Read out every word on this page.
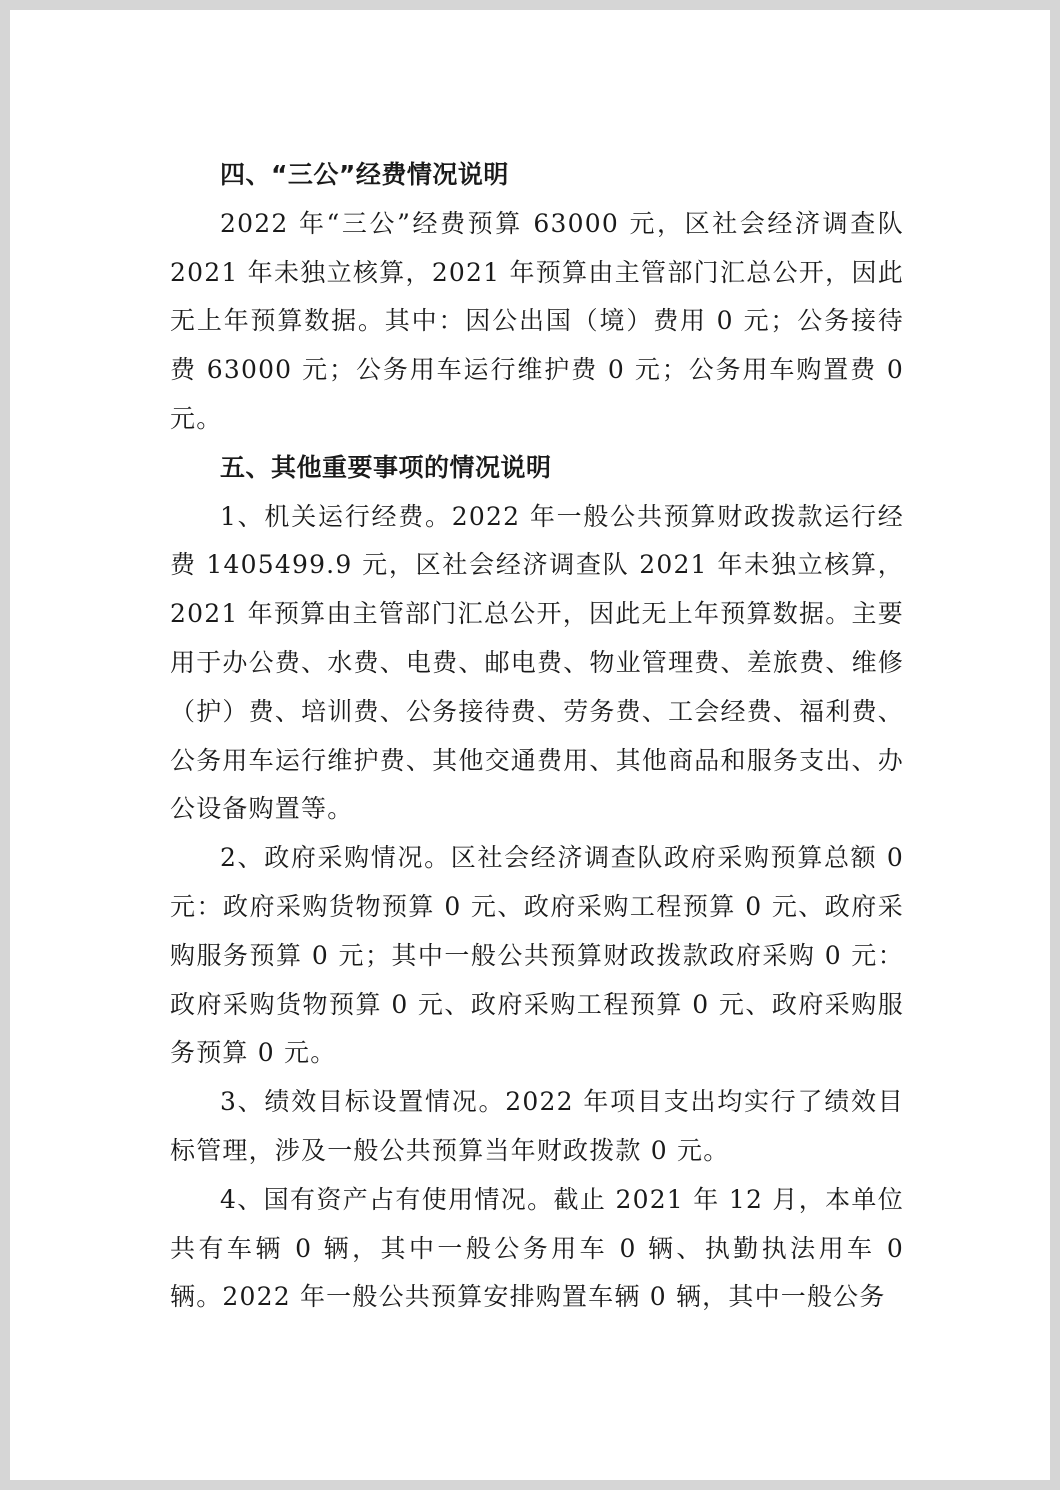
四、“三公”经费情况说明

2022 年“三公”经费预算 63000 元，区社会经济调查队 2021 年未独立核算，2021 年预算由主管部门汇总公开，因此无上年预算数据。其中：因公出国（境）费用 0 元；公务接待费 63000 元；公务用车运行维护费 0 元；公务用车购置费 0 元。

五、其他重要事项的情况说明

1、机关运行经费。2022 年一般公共预算财政拨款运行经费 1405499.9 元，区社会经济调查队 2021 年未独立核算，2021 年预算由主管部门汇总公开，因此无上年预算数据。主要用于办公费、水费、电费、邮电费、物业管理费、差旅费、维修（护）费、培训费、公务接待费、劳务费、工会经费、福利费、公务用车运行维护费、其他交通费用、其他商品和服务支出、办公设备购置等。

2、政府采购情况。区社会经济调查队政府采购预算总额 0 元：政府采购货物预算 0 元、政府采购工程预算 0 元、政府采购服务预算 0 元；其中一般公共预算财政拨款政府采购 0 元：政府采购货物预算 0 元、政府采购工程预算 0 元、政府采购服务预算 0 元。

3、绩效目标设置情况。2022 年项目支出均实行了绩效目标管理，涉及一般公共预算当年财政拨款 0 元。

4、国有资产占有使用情况。截止 2021 年 12 月，本单位共有车辆 0 辆，其中一般公务用车 0 辆、执勤执法用车 0 辆。2022 年一般公共预算安排购置车辆 0 辆，其中一般公务
